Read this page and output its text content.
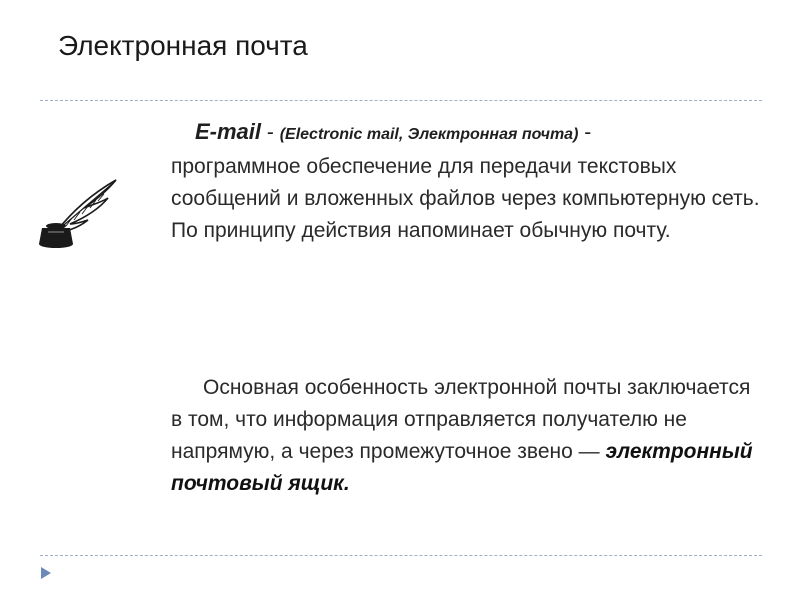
Электронная почта
E-mail - (Electronic mail, Электронная почта) -
программное обеспечение для передачи текстовых сообщений и вложенных файлов через компьютерную сеть. По принципу действия напоминает обычную почту.
Основная особенность электронной почты заключается в том, что информация отправляется получателю не напрямую, а через промежуточное звено — электронный почтовый ящик.
